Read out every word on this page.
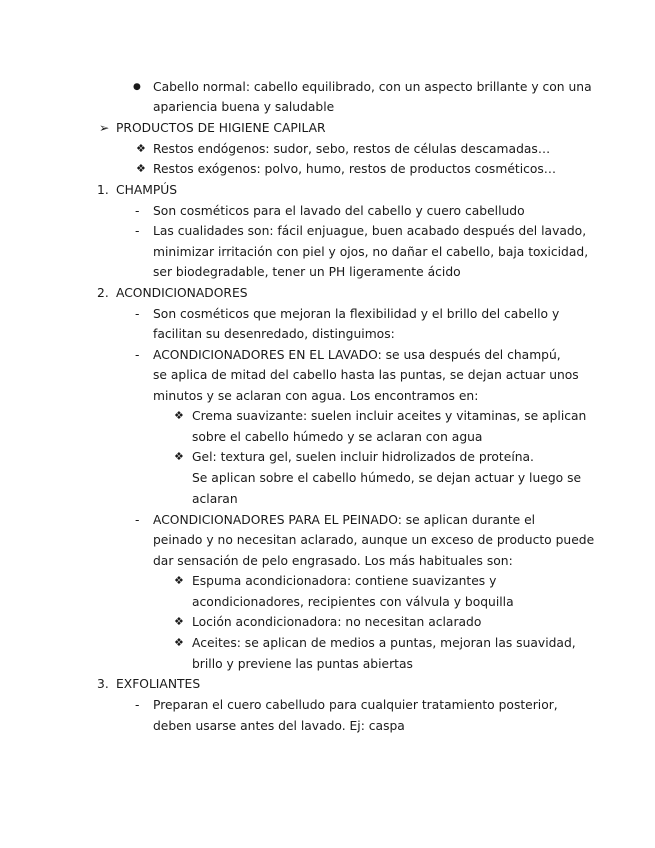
● Cabello normal: cabello equilibrado, con un aspecto brillante y con una
apariencia buena y saludable
➢ PRODUCTOS DE HIGIENE CAPILAR
❖ Restos endógenos: sudor, sebo, restos de células descamadas…
❖ Restos exógenos: polvo, humo, restos de productos cosméticos…
1. CHAMPÚS
- Son cosméticos para el lavado del cabello y cuero cabelludo
- Las cualidades son: fácil enjuague, buen acabado después del lavado,
minimizar irritación con piel y ojos, no dañar el cabello, baja toxicidad,
ser biodegradable, tener un PH ligeramente ácido
2. ACONDICIONADORES
- Son cosméticos que mejoran la flexibilidad y el brillo del cabello y
facilitan su desenredado, distinguimos:
- ACONDICIONADORES EN EL LAVADO: se usa después del champú,
se aplica de mitad del cabello hasta las puntas, se dejan actuar unos
minutos y se aclaran con agua. Los encontramos en:
❖ Crema suavizante: suelen incluir aceites y vitaminas, se aplican
sobre el cabello húmedo y se aclaran con agua
❖ Gel: textura gel, suelen incluir hidrolizados de proteína.
Se aplican sobre el cabello húmedo, se dejan actuar y luego se
aclaran
- ACONDICIONADORES PARA EL PEINADO: se aplican durante el
peinado y no necesitan aclarado, aunque un exceso de producto puede
dar sensación de pelo engrasado. Los más habituales son:
❖ Espuma acondicionadora: contiene suavizantes y
acondicionadores, recipientes con válvula y boquilla
❖ Loción acondicionadora: no necesitan aclarado
❖ Aceites: se aplican de medios a puntas, mejoran las suavidad,
brillo y previene las puntas abiertas
3. EXFOLIANTES
- Preparan el cuero cabelludo para cualquier tratamiento posterior,
deben usarse antes del lavado. Ej: caspa
